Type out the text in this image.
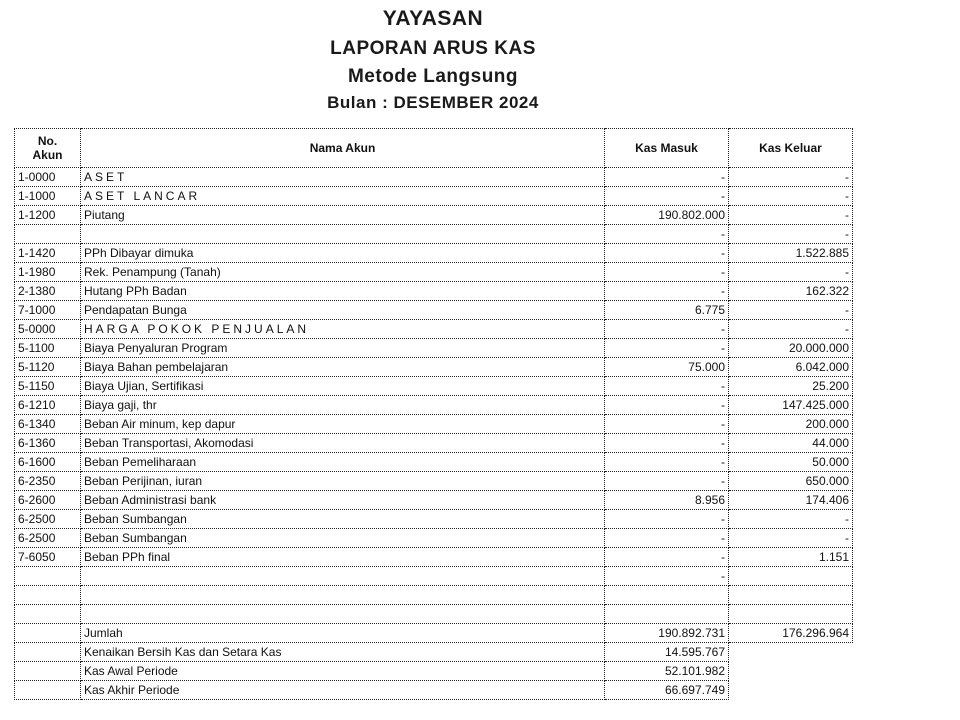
YAYASAN
LAPORAN ARUS KAS
Metode Langsung
Bulan : DESEMBER 2024
No.
Akun	Nama Akun	Kas Masuk	Kas Keluar
1-0000	ASET	-	-
1-1000	ASET LANCAR	-	-
1-1200	Piutang	190.802.000	-
		-	-
1-1420	PPh Dibayar dimuka	-	1.522.885
1-1980	Rek. Penampung (Tanah)	-	-
2-1380	Hutang PPh Badan	-	162.322
7-1000	Pendapatan Bunga	6.775	-
5-0000	HARGA POKOK PENJUALAN	-	-
5-1100	Biaya Penyaluran Program	-	20.000.000
5-1120	Biaya Bahan pembelajaran	75.000	6.042.000
5-1150	Biaya Ujian, Sertifikasi	-	25.200
6-1210	Biaya gaji, thr	-	147.425.000
6-1340	Beban Air minum, kep dapur	-	200.000
6-1360	Beban Transportasi, Akomodasi	-	44.000
6-1600	Beban Pemeliharaan	-	50.000
6-2350	Beban Perijinan, iuran	-	650.000
6-2600	Beban Administrasi bank	8.956	174.406
6-2500	Beban Sumbangan	-	-
6-2500	Beban Sumbangan	-	-
7-6050	Beban PPh final	-	1.151
		-	

	Jumlah	190.892.731	176.296.964
	Kenaikan Bersih Kas dan Setara Kas	14.595.767	
	Kas Awal Periode	52.101.982	
	Kas Akhir Periode	66.697.749	
